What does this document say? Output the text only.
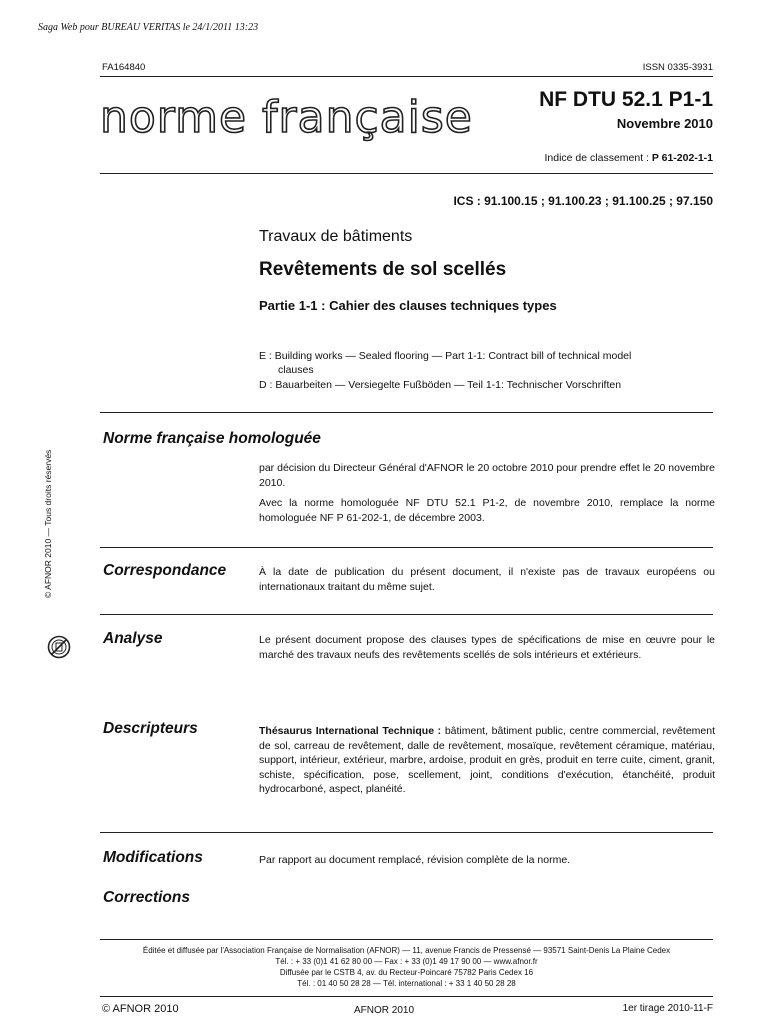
Saga Web pour BUREAU VERITAS le 24/1/2011 13:23
FA164840	ISSN 0335-3931
norme française	NF DTU 52.1 P1-1
Novembre 2010
Indice de classement : P 61-202-1-1
ICS : 91.100.15 ; 91.100.23 ; 91.100.25 ; 97.150
Travaux de bâtiments
Revêtements de sol scellés
Partie 1-1 : Cahier des clauses techniques types
E : Building works — Sealed flooring — Part 1-1: Contract bill of technical model
clauses
D : Bauarbeiten — Versiegelte Fußböden — Teil 1-1: Technischer Vorschriften
Norme française homologuée

par décision du Directeur Général d'AFNOR le 20 octobre 2010 pour prendre effet le 20 novembre 2010.

Avec la norme homologuée NF DTU 52.1 P1-2, de novembre 2010, remplace la norme homologuée NF P 61-202-1, de décembre 2003.

Correspondance	À la date de publication du présent document, il n'existe pas de travaux européens ou internationaux traitant du même sujet.
Analyse	Le présent document propose des clauses types de spécifications de mise en œuvre pour le marché des travaux neufs des revêtements scellés de sols intérieurs et extérieurs.
Descripteurs	Thésaurus International Technique : bâtiment, bâtiment public, centre commercial, revêtement de sol, carreau de revêtement, dalle de revêtement, mosaïque, revêtement céramique, matériau, support, intérieur, extérieur, marbre, ardoise, produit en grès, produit en terre cuite, ciment, granit, schiste, spécification, pose, scellement, joint, conditions d'exécution, étanchéité, produit hydrocarboné, aspect, planéité.
Modifications	Par rapport au document remplacé, révision complète de la norme.
Corrections
Éditée et diffusée par l'Association Française de Normalisation (AFNOR) — 11, avenue Francis de Pressensé — 93571 Saint-Denis La Plaine Cedex
Tél. : + 33 (0)1 41 62 80 00 — Fax : + 33 (0)1 49 17 90 00 — www.afnor.fr
Diffusée par le CSTB 4, av. du Recteur-Poincaré 75782 Paris Cedex 16
Tél. : 01 40 50 28 28 — Tél. international : + 33 1 40 50 28 28
© AFNOR 2010	AFNOR 2010	1er tirage 2010-11-F
© AFNOR 2010 — Tous droits réservés
